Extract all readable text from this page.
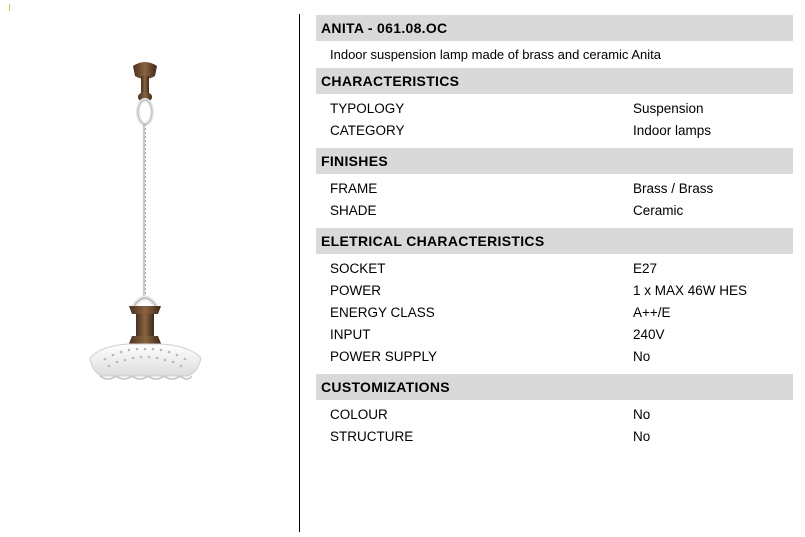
ANITA - 061.08.OC
Indoor suspension lamp made of brass and ceramic Anita
CHARACTERISTICS
TYPOLOGY	Suspension
CATEGORY	Indoor lamps
FINISHES
FRAME	Brass / Brass
SHADE	Ceramic
ELETRICAL CHARACTERISTICS
SOCKET	E27
POWER	1 x MAX 46W HES
ENERGY CLASS	A++/E
INPUT	240V
POWER SUPPLY	No
CUSTOMIZATIONS
COLOUR	No
STRUCTURE	No
